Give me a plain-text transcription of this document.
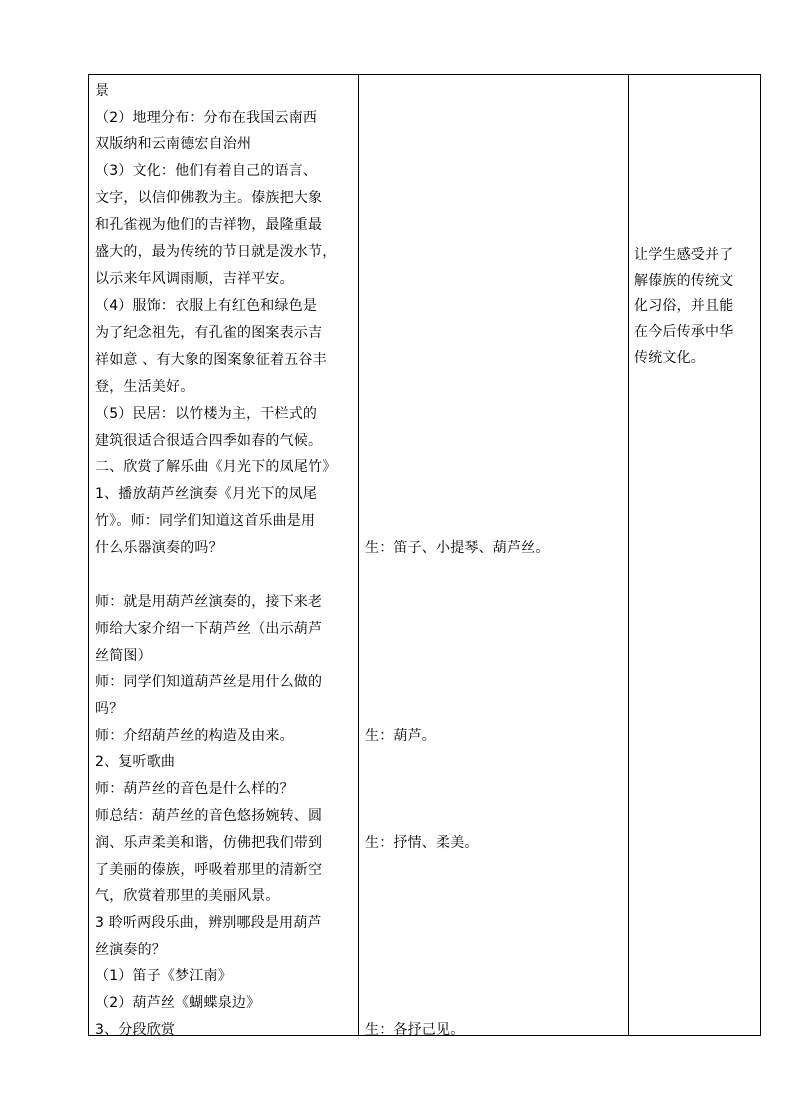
景
（2）地理分布：分布在我国云南西
双版纳和云南德宏自治州
（3）文化：他们有着自己的语言、
文字，以信仰佛教为主。傣族把大象
和孔雀视为他们的吉祥物，最隆重最
盛大的，最为传统的节日就是泼水节，
以示来年风调雨顺，吉祥平安。
（4）服饰：衣服上有红色和绿色是
为了纪念祖先，有孔雀的图案表示吉
祥如意 、有大象的图案象征着五谷丰
登，生活美好。
（5）民居：以竹楼为主，干栏式的
建筑很适合很适合四季如春的气候。
二、欣赏了解乐曲《月光下的凤尾竹》
1、播放葫芦丝演奏《月光下的凤尾
竹》。师：同学们知道这首乐曲是用
什么乐器演奏的吗？
师：就是用葫芦丝演奏的，接下来老
师给大家介绍一下葫芦丝（出示葫芦
丝简图）
师：同学们知道葫芦丝是用什么做的
吗？
师：介绍葫芦丝的构造及由来。
2、复听歌曲
师：葫芦丝的音色是什么样的？
师总结：葫芦丝的音色悠扬婉转、圆
润、乐声柔美和谐，仿佛把我们带到
了美丽的傣族，呼吸着那里的清新空
气，欣赏着那里的美丽风景。
3 聆听两段乐曲，辨别哪段是用葫芦
丝演奏的？
（1）笛子《梦江南》
（2）葫芦丝《蝴蝶泉边》
3、分段欣赏
生：笛子、小提琴、葫芦丝。
生：葫芦。
生：抒情、柔美。
生：各抒己见。
让学生感受并了
解傣族的传统文
化习俗，并且能
在今后传承中华
传统文化。
